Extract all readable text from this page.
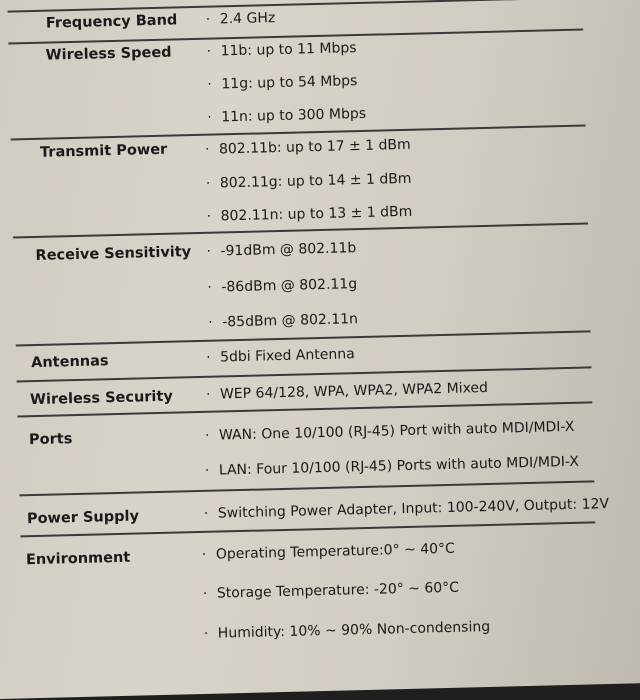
Frequency Band · 2.4 GHz
Wireless Speed · 11b: up to 11 Mbps
· 11g: up to 54 Mbps
· 11n: up to 300 Mbps
Transmit Power	· 802.11b: up to 17 ± 1 dBm
· 802.11g: up to 14 ± 1 dBm
· 802.11n: up to 13 ± 1 dBm
Receive Sensitivity · -91dBm @ 802.11b
· -86dBm @ 802.11g
· -85dBm @ 802.11n
Antennas	· 5dbi Fixed Antenna
Wireless Security · WEP 64/128, WPA, WPA2, WPA2 Mixed
Ports	· WAN: One 10/100 (RJ-45) Port with auto MDI/MDI-X
· LAN: Four 10/100 (RJ-45) Ports with auto MDI/MDI-X
Power Supply	· Switching Power Adapter, Input: 100-240V, Output: 12V
Environment	· Operating Temperature:0° ~ 40°C
· Storage Temperature: -20° ~ 60°C
· Humidity: 10% ~ 90% Non-condensing
